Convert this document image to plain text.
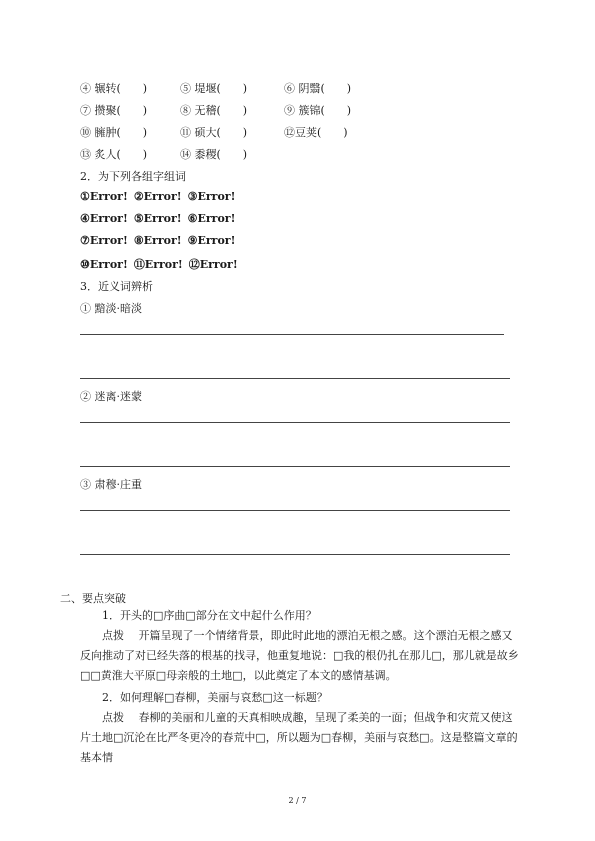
④ 辗转(　　)	⑤ 堤堰(　　)	⑥ 阴翳(　　)
⑦ 攒聚(　　)	⑧ 无稽(　　)	⑨ 簇锦(　　)
⑩ 臃肿(　　)	⑪ 硕大(　　)	⑫豆荚(　　)
⑬ 炙人(　　)	⑭ 黍稷(　　)
2．为下列各组字组词
①Error! ②Error! ③Error!
④Error! ⑤Error! ⑥Error!
⑦Error! ⑧Error! ⑨Error!
⑩Error! ⑪Error! ⑫Error!
3．近义词辨析
① 黯淡·暗淡
② 迷离·迷蒙
③ 肃穆·庄重
二、要点突破
1．开头的□序曲□部分在文中起什么作用？
点拨　 开篇呈现了一个情绪背景，即此时此地的漂泊无根之感。这个漂泊无根之感又反向推动了对已经失落的根基的找寻，他重复地说：□我的根仍扎在那儿□，那儿就是故乡□□黄淮大平原□母亲般的土地□，以此奠定了本文的感情基调。
2．如何理解□春柳，美丽与哀愁□这一标题？
点拨　 春柳的美丽和儿童的天真相映成趣，呈现了柔美的一面；但战争和灾荒又使这片土地□沉沦在比严冬更冷的春荒中□，所以题为□春柳，美丽与哀愁□。这是整篇文章的基本情
2 / 7
